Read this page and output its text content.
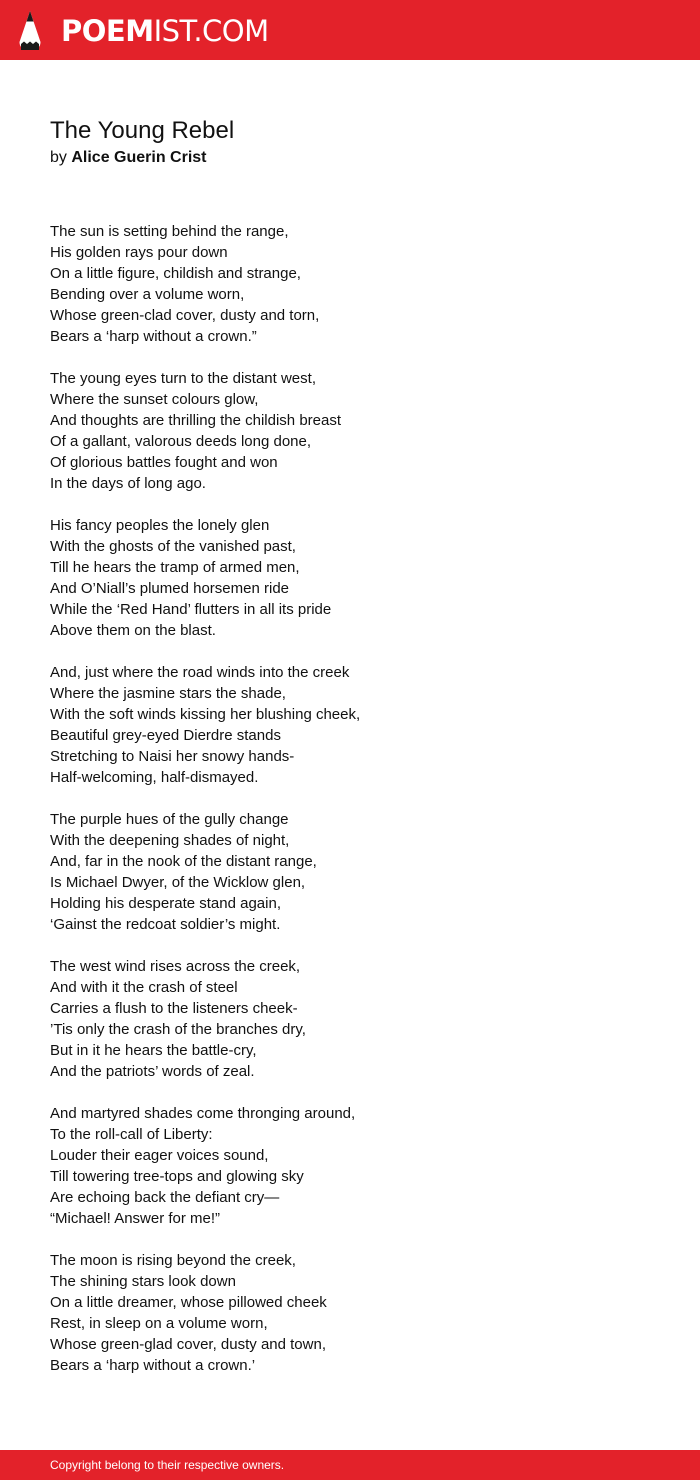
POEMIST.COM
The Young Rebel

by Alice Guerin Crist

The sun is setting behind the range,
His golden rays pour down
On a little figure, childish and strange,
Bending over a volume worn,
Whose green-clad cover, dusty and torn,
Bears a ‘harp without a crown.”
The young eyes turn to the distant west,
Where the sunset colours glow,
And thoughts are thrilling the childish breast
Of a gallant, valorous deeds long done,
Of glorious battles fought and won
In the days of long ago.
His fancy peoples the lonely glen
With the ghosts of the vanished past,
Till he hears the tramp of armed men,
And O’Niall’s plumed horsemen ride
While the ‘Red Hand’ flutters in all its pride
Above them on the blast.
And, just where the road winds into the creek
Where the jasmine stars the shade,
With the soft winds kissing her blushing cheek,
Beautiful grey-eyed Dierdre stands
Stretching to Naisi her snowy hands-
Half-welcoming, half-dismayed.
The purple hues of the gully change
With the deepening shades of night,
And, far in the nook of the distant range,
Is Michael Dwyer, of the Wicklow glen,
Holding his desperate stand again,
‘Gainst the redcoat soldier’s might.
The west wind rises across the creek,
And with it the crash of steel
Carries a flush to the listeners cheek-
’Tis only the crash of the branches dry,
But in it he hears the battle-cry,
And the patriots’ words of zeal.
And martyred shades come thronging around,
To the roll-call of Liberty:
Louder their eager voices sound,
Till towering tree-tops and glowing sky
Are echoing back the defiant cry—
“Michael! Answer for me!”
The moon is rising beyond the creek,
The shining stars look down
On a little dreamer, whose pillowed cheek
Rest, in sleep on a volume worn,
Whose green-glad cover, dusty and town,
Bears a ‘harp without a crown.’
Copyright belong to their respective owners.
